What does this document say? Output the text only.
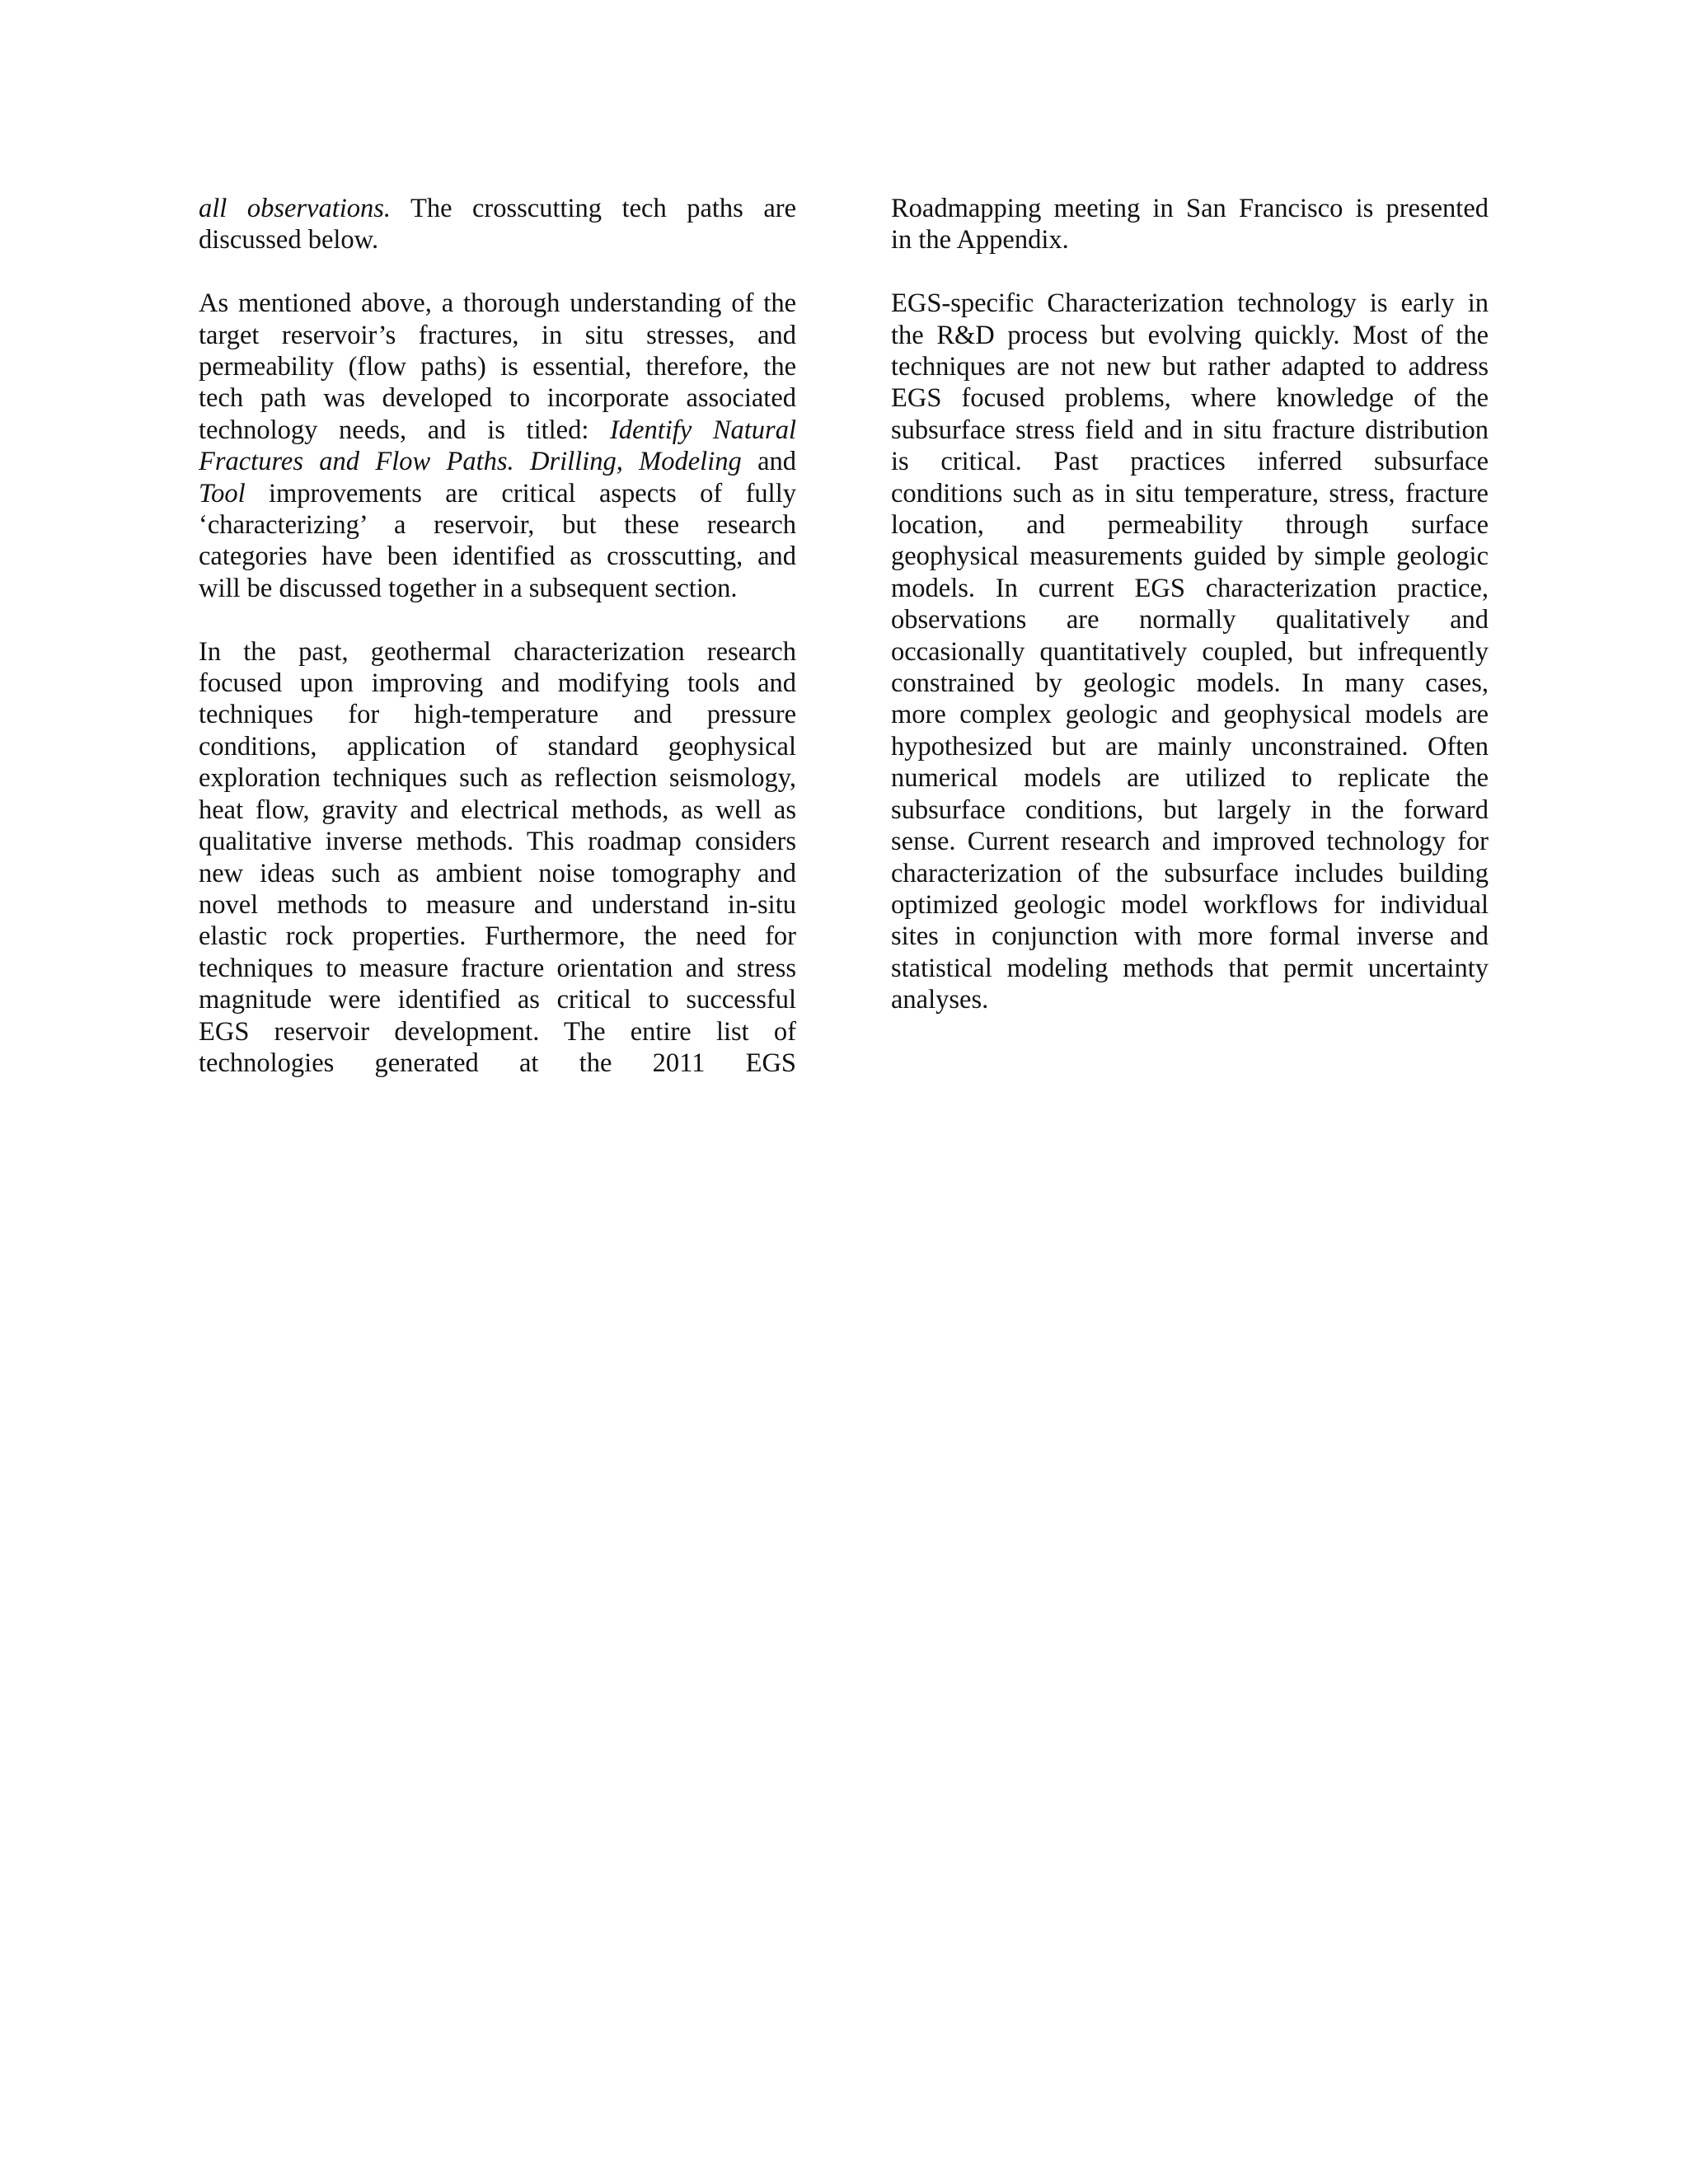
all observations. The crosscutting tech paths are
discussed below.

As mentioned above, a thorough understanding of the
target reservoir’s fractures, in situ stresses, and
permeability (flow paths) is essential, therefore, the
tech path was developed to incorporate associated
technology needs, and is titled: Identify Natural
Fractures and Flow Paths. Drilling, Modeling and
Tool improvements are critical aspects of fully
‘characterizing’ a reservoir, but these research
categories have been identified as crosscutting, and
will be discussed together in a subsequent section.

In the past, geothermal characterization research
focused upon improving and modifying tools and
techniques for high-temperature and pressure
conditions, application of standard geophysical
exploration techniques such as reflection seismology,
heat flow, gravity and electrical methods, as well as
qualitative inverse methods. This roadmap considers
new ideas such as ambient noise tomography and
novel methods to measure and understand in-situ
elastic rock properties. Furthermore, the need for
techniques to measure fracture orientation and stress
magnitude were identified as critical to successful
EGS reservoir development. The entire list of
technologies generated at the 2011 EGS

Roadmapping meeting in San Francisco is presented
in the Appendix.

EGS-specific Characterization technology is early in
the R&D process but evolving quickly. Most of the
techniques are not new but rather adapted to address
EGS focused problems, where knowledge of the
subsurface stress field and in situ fracture distribution
is critical. Past practices inferred subsurface
conditions such as in situ temperature, stress, fracture
location, and permeability through surface
geophysical measurements guided by simple geologic
models. In current EGS characterization practice,
observations are normally qualitatively and
occasionally quantitatively coupled, but infrequently
constrained by geologic models. In many cases,
more complex geologic and geophysical models are
hypothesized but are mainly unconstrained. Often
numerical models are utilized to replicate the
subsurface conditions, but largely in the forward
sense. Current research and improved technology for
characterization of the subsurface includes building
optimized geologic model workflows for individual
sites in conjunction with more formal inverse and
statistical modeling methods that permit uncertainty
analyses.
